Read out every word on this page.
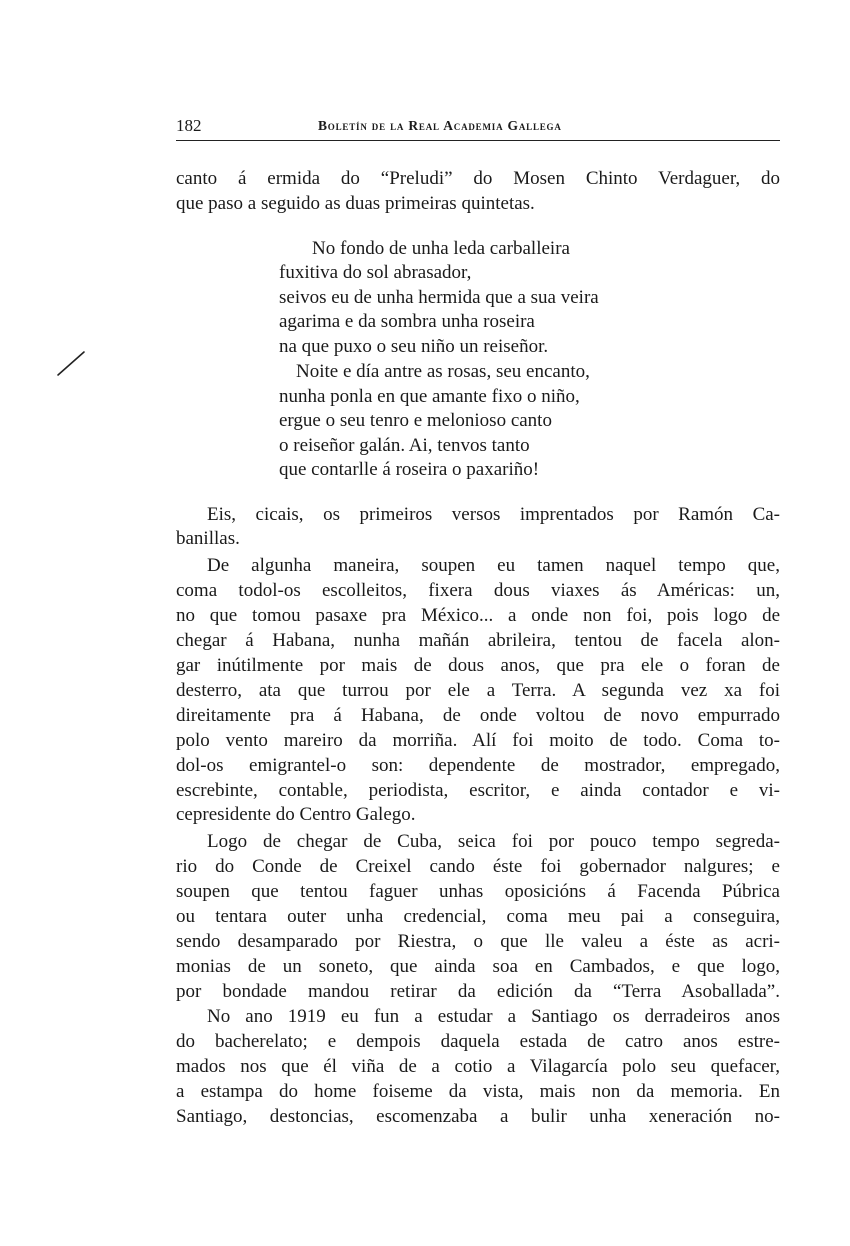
182	Boletín de la Real Academia Gallega
canto á ermida do “Preludi” do Mosen Chinto Verdaguer, do
que paso a seguido as duas primeiras quintetas.
No fondo de unha leda carballeira
fuxitiva do sol abrasador,
seivos eu de unha hermida que a sua veira
agarima e da sombra unha roseira
na que puxo o seu niño un reiseñor.
Noite e día antre as rosas, seu encanto,
nunha ponla en que amante fixo o niño,
ergue o seu tenro e melonioso canto
o reiseñor galán. Ai, tenvos tanto
que contarlle á roseira o paxariño!
Eis, cicais, os primeiros versos imprentados por Ramón Ca-
banillas.
De algunha maneira, soupen eu tamen naquel tempo que,
coma todol-os escolleitos, fixera dous viaxes ás Américas: un,
no que tomou pasaxe pra México... a onde non foi, pois logo de
chegar á Habana, nunha mañán abrileira, tentou de facela alon-
gar inútilmente por mais de dous anos, que pra ele o foran de
desterro, ata que turrou por ele a Terra. A segunda vez xa foi
direitamente pra á Habana, de onde voltou de novo empurrado
polo vento mareiro da morriña. Alí foi moito de todo. Coma to-
dol-os emigrantel-o son: dependente de mostrador, empregado,
escrebinte, contable, periodista, escritor, e ainda contador e vi-
cepresidente do Centro Galego.
Logo de chegar de Cuba, seica foi por pouco tempo segreda-
rio do Conde de Creixel cando éste foi gobernador nalgures; e
soupen que tentou faguer unhas oposicións á Facenda Púbrica
ou tentara outer unha credencial, coma meu pai a conseguira,
sendo desamparado por Riestra, o que lle valeu a éste as acri-
monias de un soneto, que ainda soa en Cambados, e que logo,
por bondade mandou retirar da edición da “Terra Asoballada”.
No ano 1919 eu fun a estudar a Santiago os derradeiros anos
do bacherelato; e dempois daquela estada de catro anos estre-
mados nos que él viña de a cotio a Vilagarcía polo seu quefacer,
a estampa do home foiseme da vista, mais non da memoria. En
Santiago, destoncias, escomenzaba a bulir unha xeneración no-
